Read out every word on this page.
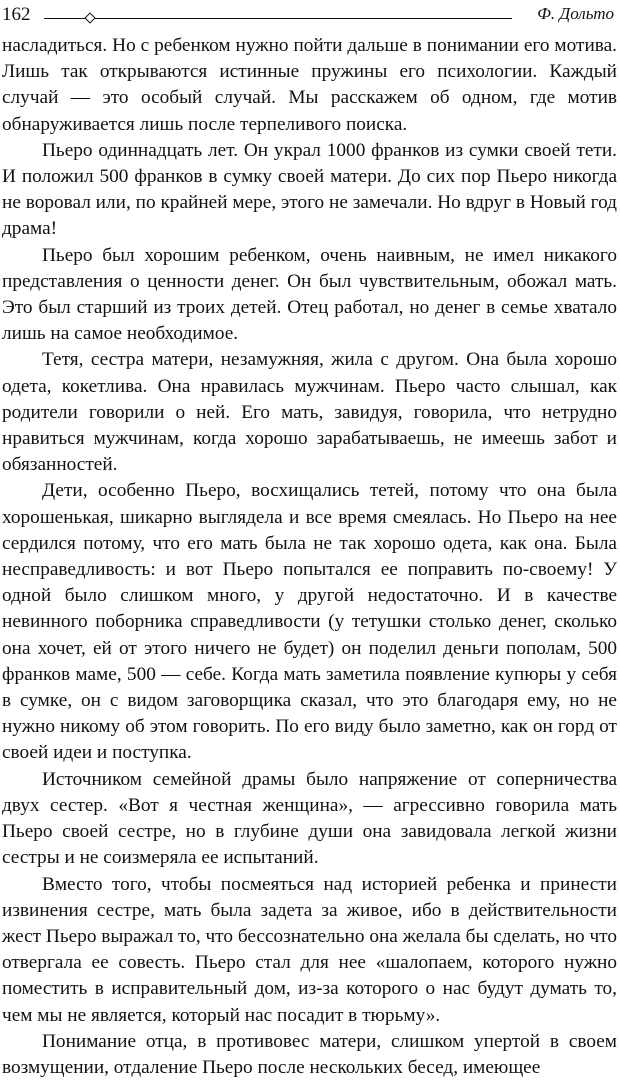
162	Ф. Дольто

насладиться. Но с ребенком нужно пойти дальше в понимании его мотива. Лишь так открываются истинные пружины его психологии. Каждый случай — это особый случай. Мы расскажем об одном, где мотив обнаруживается лишь после терпеливого поиска.

Пьеро одиннадцать лет. Он украл 1000 франков из сумки своей тети. И положил 500 франков в сумку своей матери. До сих пор Пьеро никогда не воровал или, по крайней мере, этого не замечали. Но вдруг в Новый год драма!

Пьеро был хорошим ребенком, очень наивным, не имел никакого представления о ценности денег. Он был чувствительным, обожал мать. Это был старший из троих детей. Отец работал, но денег в семье хватало лишь на самое необходимое.

Тетя, сестра матери, незамужняя, жила с другом. Она была хорошо одета, кокетлива. Она нравилась мужчинам. Пьеро часто слышал, как родители говорили о ней. Его мать, завидуя, говорила, что нетрудно нравиться мужчинам, когда хорошо зарабатываешь, не имеешь забот и обязанностей.

Дети, особенно Пьеро, восхищались тетей, потому что она была хорошенькая, шикарно выглядела и все время смеялась. Но Пьеро на нее сердился потому, что его мать была не так хорошо одета, как она. Была несправедливость: и вот Пьеро попытался ее поправить по-своему! У одной было слишком много, у другой недостаточно. И в качестве невинного поборника справедливости (у тетушки столько денег, сколько она хочет, ей от этого ничего не будет) он поделил деньги пополам, 500 франков маме, 500 — себе. Когда мать заметила появление купюры у себя в сумке, он с видом заговорщика сказал, что это благодаря ему, но не нужно никому об этом говорить. По его виду было заметно, как он горд от своей идеи и поступка.

Источником семейной драмы было напряжение от соперничества двух сестер. «Вот я честная женщина», — агрессивно говорила мать Пьеро своей сестре, но в глубине души она завидовала легкой жизни сестры и не соизмеряла ее испытаний.

Вместо того, чтобы посмеяться над историей ребенка и принести извинения сестре, мать была задета за живое, ибо в действительности жест Пьеро выражал то, что бессознательно она желала бы сделать, но что отвергала ее совесть. Пьеро стал для нее «шалопаем, которого нужно поместить в исправительный дом, из-за которого о нас будут думать то, чем мы не является, который нас посадит в тюрьму».

Понимание отца, в противовес матери, слишком упертой в своем возмущении, отдаление Пьеро после нескольких бесед, имеющее
